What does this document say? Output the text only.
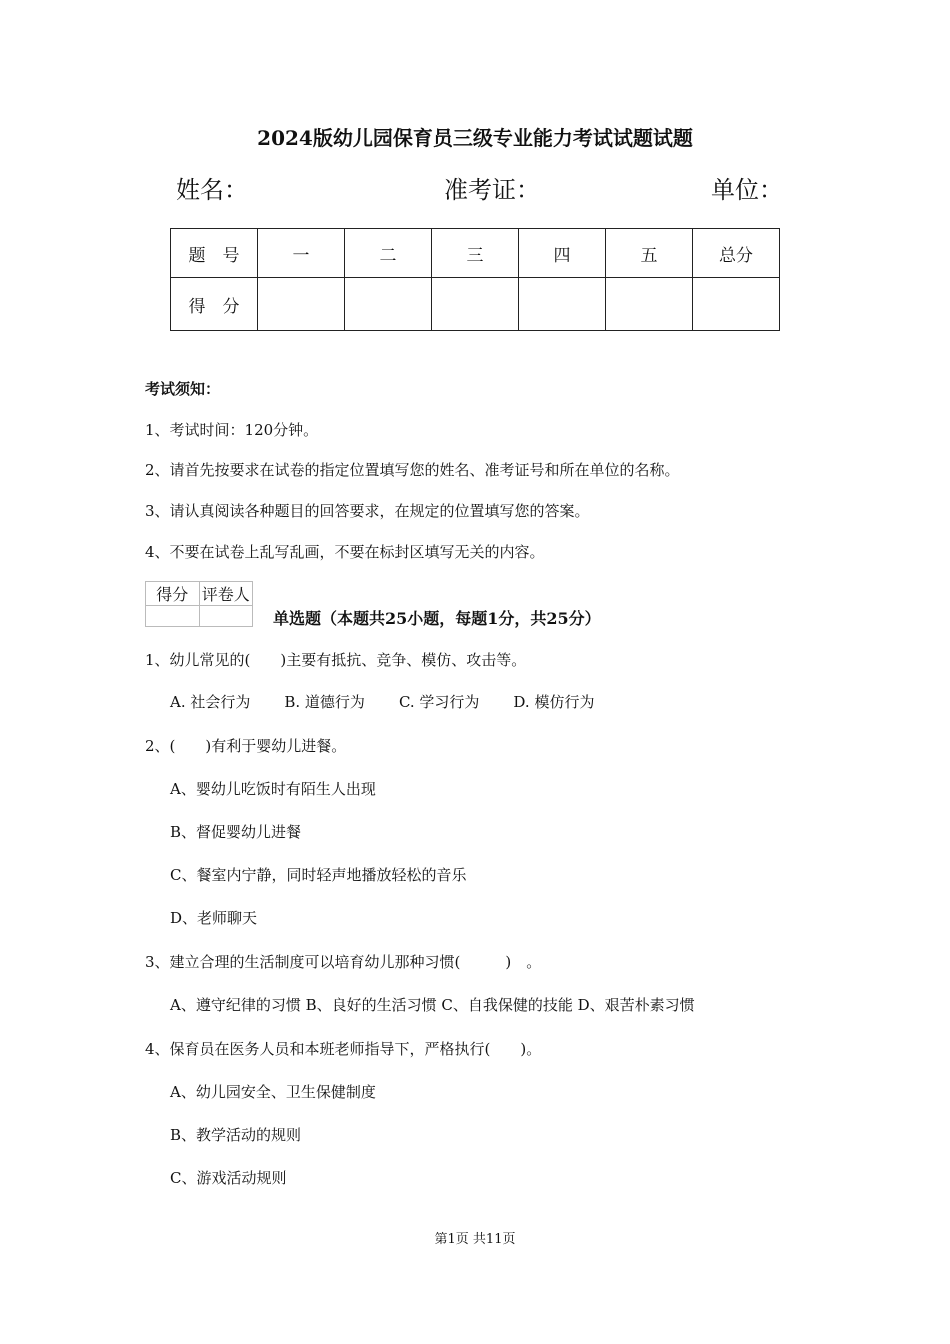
2024版幼儿园保育员三级专业能力考试试题试题
姓名：	准考证：	单位：
题　号	一	二	三	四	五	总分
得　分						
考试须知：
1、考试时间：120分钟。
2、请首先按要求在试卷的指定位置填写您的姓名、准考证号和所在单位的名称。
3、请认真阅读各种题目的回答要求，在规定的位置填写您的答案。
4、不要在试卷上乱写乱画，不要在标封区填写无关的内容。
得分	评卷人

单选题（本题共25小题，每题1分，共25分）
1、幼儿常见的(　　)主要有抵抗、竞争、模仿、攻击等。
A. 社会行为 B. 道德行为 C. 学习行为 D. 模仿行为
2、(　　)有利于婴幼儿进餐。
A、婴幼儿吃饭时有陌生人出现
B、督促婴幼儿进餐
C、餐室内宁静，同时轻声地播放轻松的音乐
D、老师聊天
3、建立合理的生活制度可以培育幼儿那种习惯(　　　)　。
A、遵守纪律的习惯 B、良好的生活习惯 C、自我保健的技能 D、艰苦朴素习惯
4、保育员在医务人员和本班老师指导下，严格执行(　　)。
A、幼儿园安全、卫生保健制度
B、教学活动的规则
C、游戏活动规则
第1页 共11页
